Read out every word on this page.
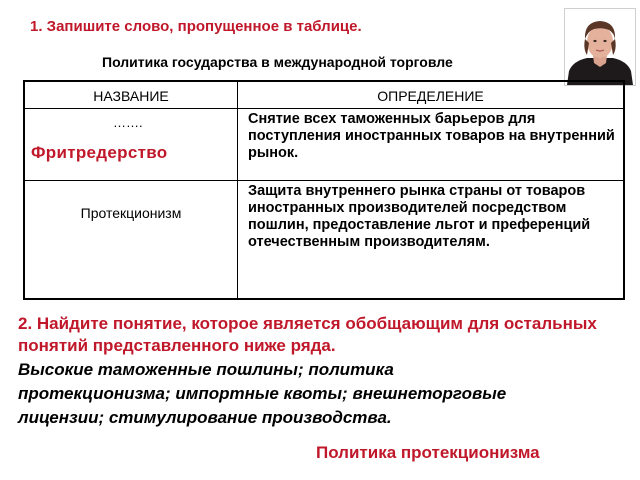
1. Запишите слово, пропущенное в таблице.
Политика государства в международной торговле
НАЗВАНИЕ	ОПРЕДЕЛЕНИЕ

…….
Фритредерство	Снятие всех таможенных барьеров для поступления иностранных товаров на внутренний рынок.
Протекционизм	Защита внутреннего рынка страны от товаров иностранных производителей посредством пошлин, предоставление льгот и преференций отечественным производителям.
2. Найдите понятие, которое является обобщающим для остальных понятий представленного ниже ряда.
Высокие таможенные пошлины; политика протекционизма; импортные квоты; внешнеторговые лицензии; стимулирование производства.
Политика протекционизма
